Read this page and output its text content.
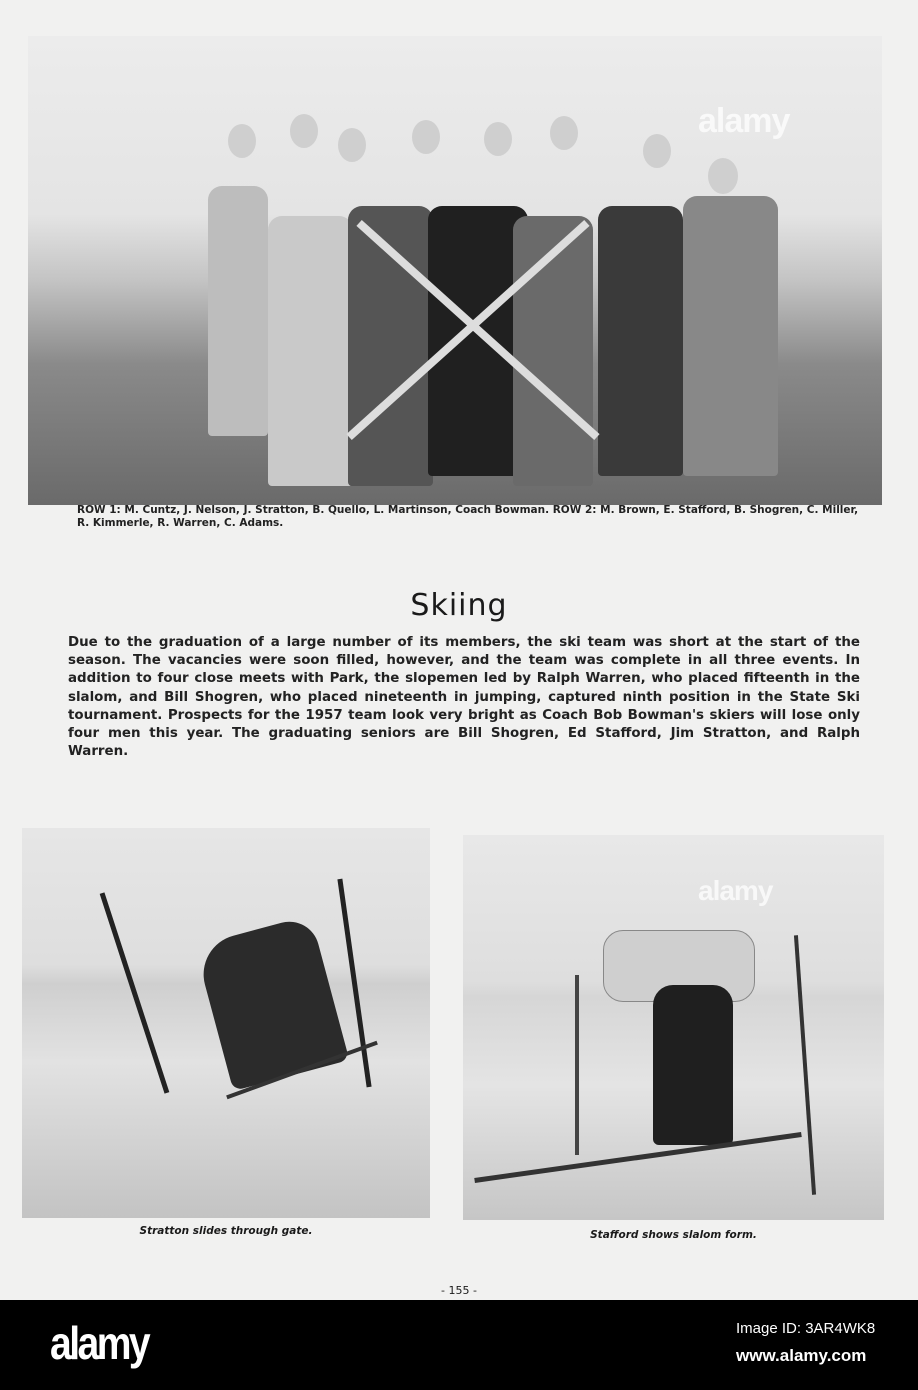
alamy
ROW 1: M. Cuntz, J. Nelson, J. Stratton, B. Quello, L. Martinson, Coach Bowman. ROW 2: M. Brown, E. Stafford, B. Shogren, C. Miller, R. Kimmerle, R. Warren, C. Adams.
Skiing
Due to the graduation of a large number of its members, the ski team was short at the start of the season. The vacancies were soon filled, however, and the team was complete in all three events. In addition to four close meets with Park, the slopemen led by Ralph Warren, who placed fifteenth in the slalom, and Bill Shogren, who placed nineteenth in jumping, captured ninth position in the State Ski tournament. Prospects for the 1957 team look very bright as Coach Bob Bowman's skiers will lose only four men this year. The graduating seniors are Bill Shogren, Ed Stafford, Jim Stratton, and Ralph Warren.
Stratton slides through gate.
alamy
Stafford shows slalom form.
- 155 -
alamy	Image ID: 3AR4WK8
www.alamy.com
